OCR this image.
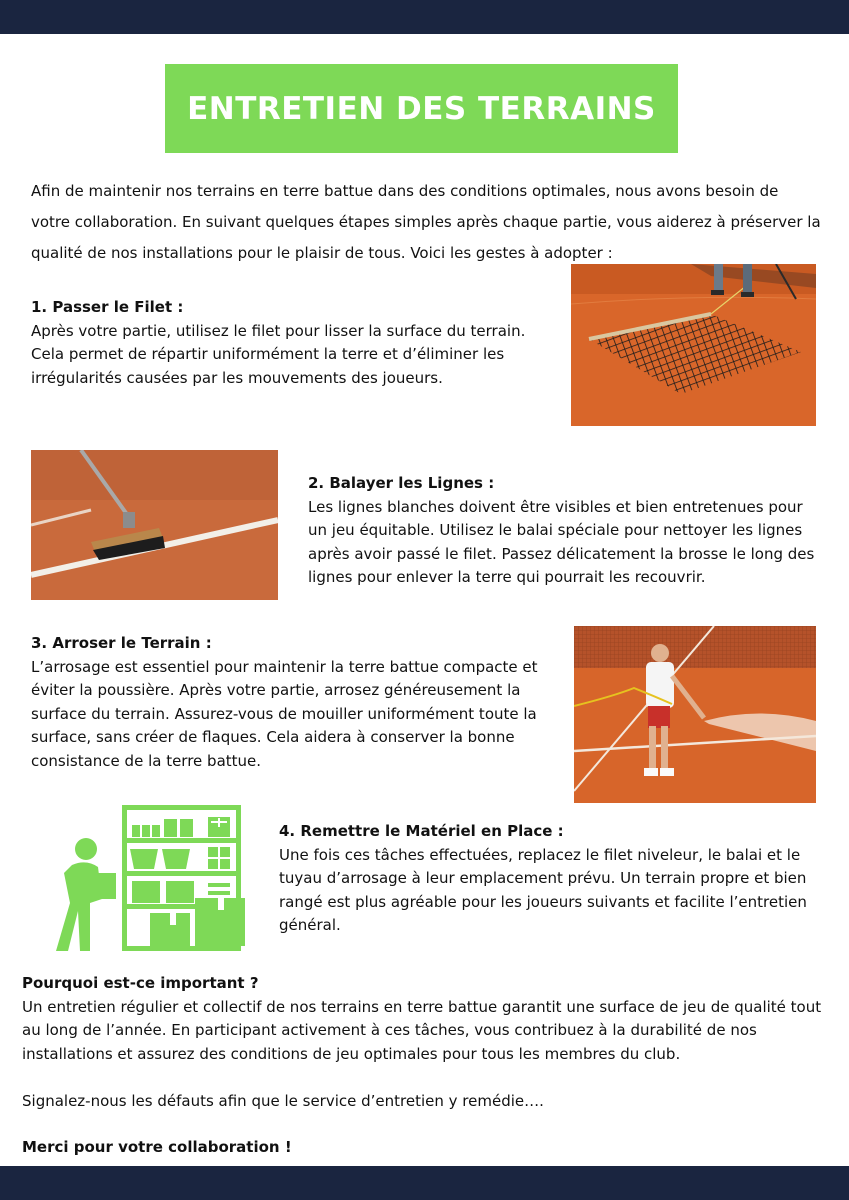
ENTRETIEN DES TERRAINS
Afin de maintenir nos terrains en terre battue dans des conditions optimales, nous avons besoin de votre collaboration. En suivant quelques étapes simples après chaque partie, vous aiderez à préserver la qualité de nos installations pour le plaisir de tous. Voici les gestes à adopter :
1. Passer le Filet :
Après votre partie, utilisez le filet pour lisser la surface du terrain. Cela permet de répartir uniformément la terre et d’éliminer les irrégularités causées par les mouvements des joueurs.
2. Balayer les Lignes :
Les lignes blanches doivent être visibles et bien entretenues pour un jeu équitable. Utilisez le balai spéciale pour nettoyer les lignes après avoir passé le filet. Passez délicatement la brosse le long des lignes pour enlever la terre qui pourrait les recouvrir.
3. Arroser le Terrain :
L’arrosage est essentiel pour maintenir la terre battue compacte et éviter la poussière. Après votre partie, arrosez généreusement la surface du terrain. Assurez-vous de mouiller uniformément toute la surface, sans créer de flaques. Cela aidera à conserver la bonne consistance de la terre battue.
4. Remettre le Matériel en Place :
Une fois ces tâches effectuées, replacez le filet niveleur, le balai et le tuyau d’arrosage à leur emplacement prévu. Un terrain propre et bien rangé est plus agréable pour les joueurs suivants et facilite l’entretien général.
Pourquoi est-ce important ?
Un entretien régulier et collectif de nos terrains en terre battue garantit une surface de jeu de qualité tout au long de l’année. En participant activement à ces tâches, vous contribuez à la durabilité de nos installations et assurez des conditions de jeu optimales pour tous les membres du club.
Signalez-nous les défauts afin que le service d’entretien y remédie….
Merci pour votre collaboration !
